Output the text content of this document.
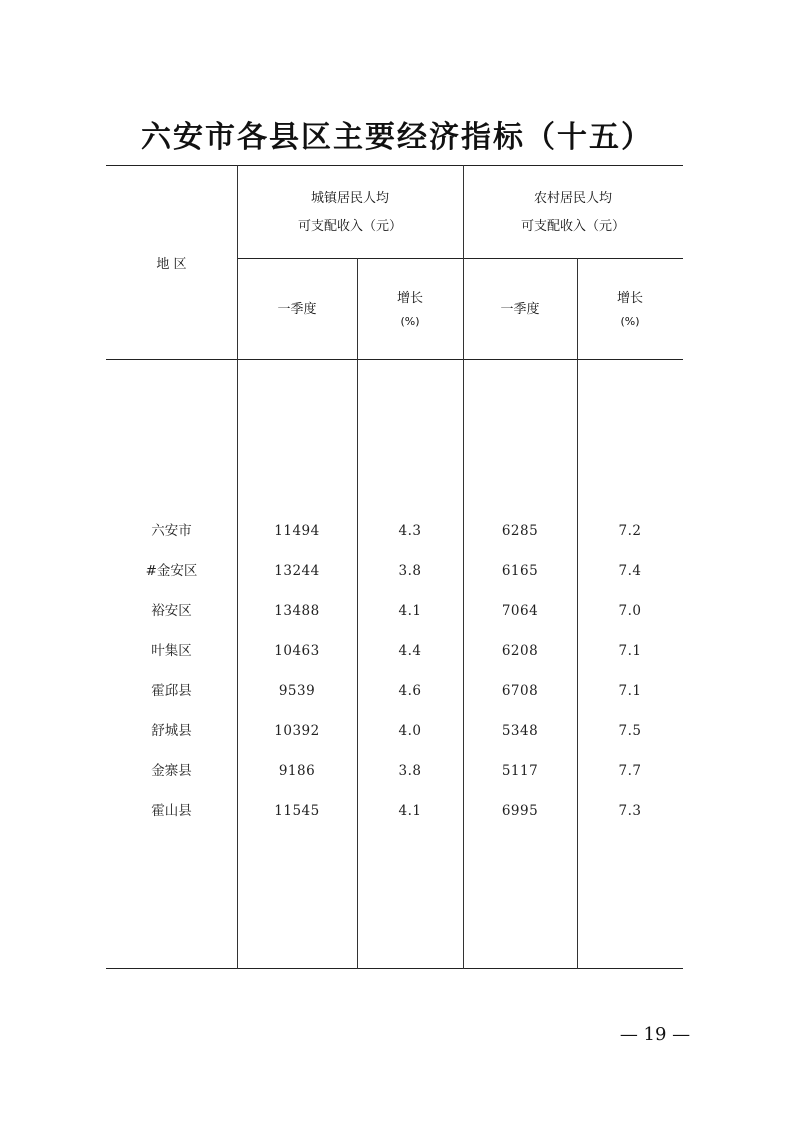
六安市各县区主要经济指标（十五）
地 区
城镇居民人均
可支配收入（元）
农村居民人均
可支配收入（元）
一季度
增长
(%)
一季度
增长
(%)
六安市	11494	4.3	6285	7.2
#金安区	13244	3.8	6165	7.4
裕安区	13488	4.1	7064	7.0
叶集区	10463	4.4	6208	7.1
霍邱县	9539	4.6	6708	7.1
舒城县	10392	4.0	5348	7.5
金寨县	9186	3.8	5117	7.7
霍山县	11545	4.1	6995	7.3
— 19 —
